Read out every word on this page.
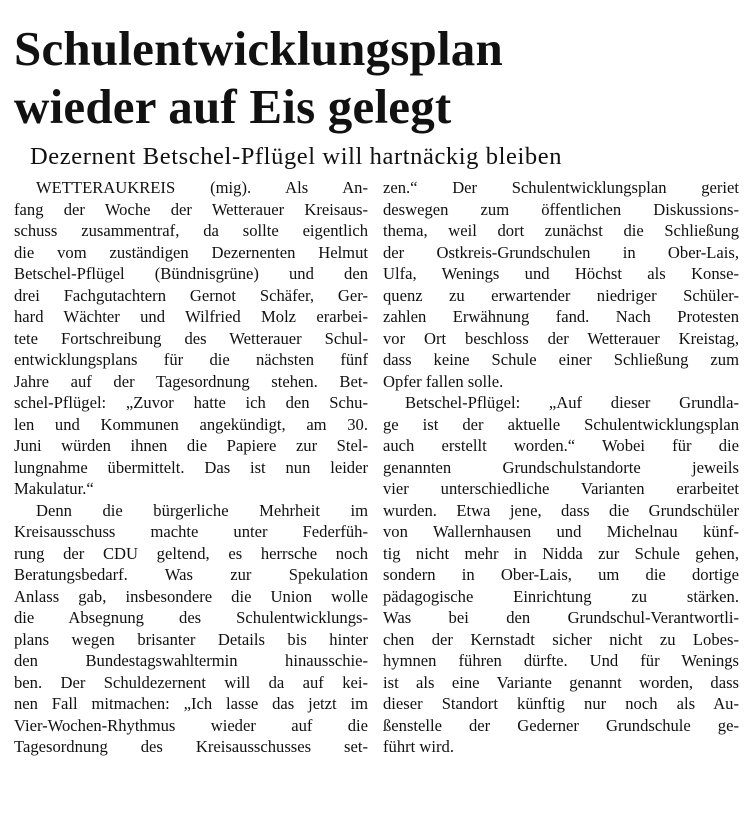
Schulentwicklungsplan
wieder auf Eis gelegt
Dezernent Betschel-Pflügel will hartnäckig bleiben
WETTERAUKREIS (mig). Als An-
fang der Woche der Wetterauer Kreisaus-
schuss zusammentraf, da sollte eigentlich
die vom zuständigen Dezernenten Helmut
Betschel-Pflügel (Bündnisgrüne) und den
drei Fachgutachtern Gernot Schäfer, Ger-
hard Wächter und Wilfried Molz erarbei-
tete Fortschreibung des Wetterauer Schul-
entwicklungsplans für die nächsten fünf
Jahre auf der Tagesordnung stehen. Bet-
schel-Pflügel: „Zuvor hatte ich den Schu-
len und Kommunen angekündigt, am 30.
Juni würden ihnen die Papiere zur Stel-
lungnahme übermittelt. Das ist nun leider
Makulatur.“
Denn die bürgerliche Mehrheit im
Kreisausschuss machte unter Federfüh-
rung der CDU geltend, es herrsche noch
Beratungsbedarf. Was zur Spekulation
Anlass gab, insbesondere die Union wolle
die Absegnung des Schulentwicklungs-
plans wegen brisanter Details bis hinter
den Bundestagswahltermin hinausschie-
ben. Der Schuldezernent will da auf kei-
nen Fall mitmachen: „Ich lasse das jetzt im
Vier-Wochen-Rhythmus wieder auf die
Tagesordnung des Kreisausschusses set-
zen.“ Der Schulentwicklungsplan geriet
deswegen zum öffentlichen Diskussions-
thema, weil dort zunächst die Schließung
der Ostkreis-Grundschulen in Ober-Lais,
Ulfa, Wenings und Höchst als Konse-
quenz zu erwartender niedriger Schüler-
zahlen Erwähnung fand. Nach Protesten
vor Ort beschloss der Wetterauer Kreistag,
dass keine Schule einer Schließung zum
Opfer fallen solle.
Betschel-Pflügel: „Auf dieser Grundla-
ge ist der aktuelle Schulentwicklungsplan
auch erstellt worden.“ Wobei für die
genannten Grundschulstandorte jeweils
vier unterschiedliche Varianten erarbeitet
wurden. Etwa jene, dass die Grundschüler
von Wallernhausen und Michelnau künf-
tig nicht mehr in Nidda zur Schule gehen,
sondern in Ober-Lais, um die dortige
pädagogische Einrichtung zu stärken.
Was bei den Grundschul-Verantwortli-
chen der Kernstadt sicher nicht zu Lobes-
hymnen führen dürfte. Und für Wenings
ist als eine Variante genannt worden, dass
dieser Standort künftig nur noch als Au-
ßenstelle der Gederner Grundschule ge-
führt wird.
